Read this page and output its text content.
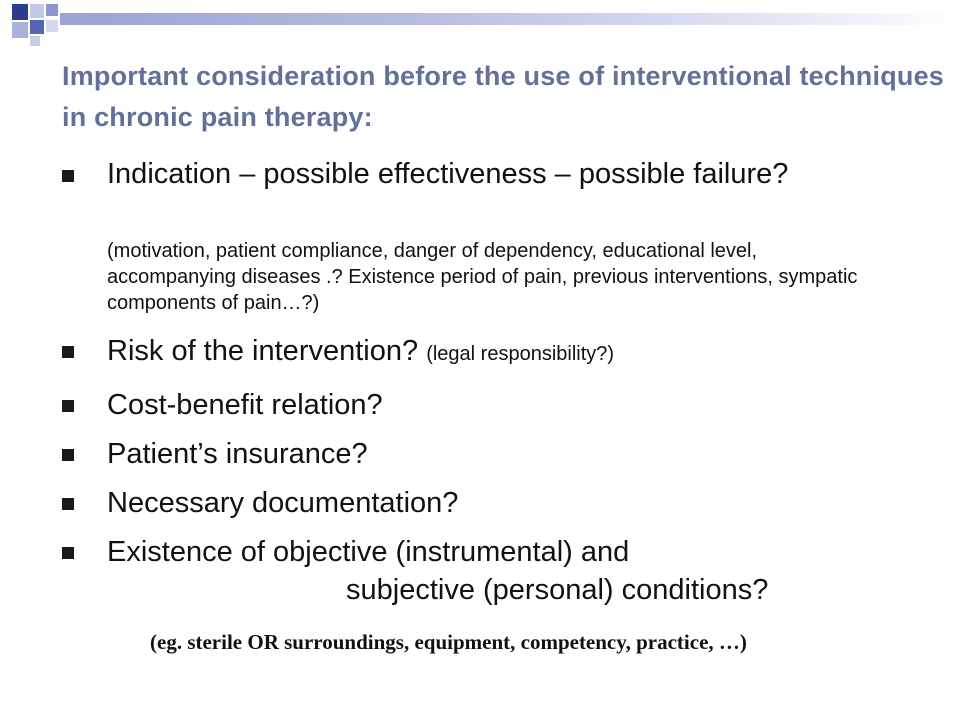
Important consideration before the use of interventional techniques in chronic pain therapy:

Indication – possible effectiveness – possible failure?

(motivation, patient compliance, danger of dependency, educational level, accompanying diseases .? Existence period of pain, previous interventions, sympatic components of pain…?)

Risk of the intervention? (legal responsibility?)

Cost-benefit relation?

Patient’s insurance?

Necessary documentation?

Existence of objective (instrumental) and

subjective (personal) conditions?

(eg. sterile OR surroundings, equipment, competency, practice, …)
